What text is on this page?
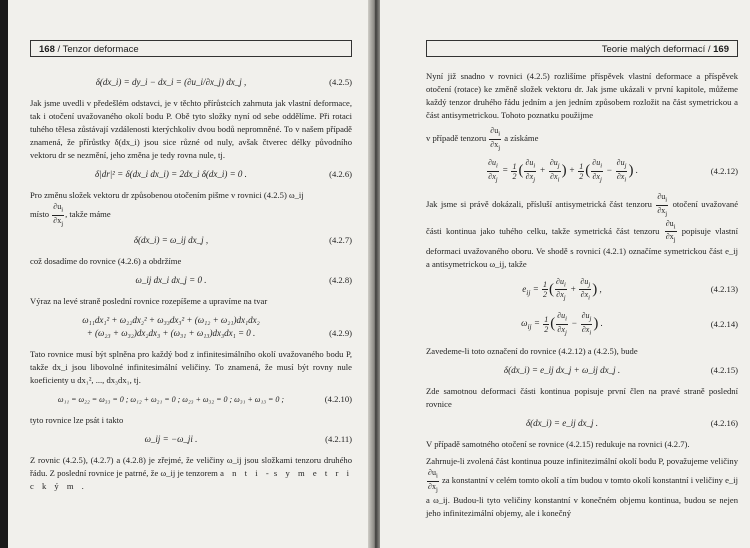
168 / Tenzor deformace
δ(dx_i) = dy_i − dx_i = (∂u_i/∂x_j) dx_j ,	(4.2.5)

Jak jsme uvedli v předešlém odstavci, je v těchto přírůstcích zahrnuta jak vlastní deformace, tak i otočení uvažovaného okolí bodu P. Obě tyto složky nyní od sebe oddělíme. Při rotaci tuhého tělesa zůstávají vzdálenosti kterýchkoliv dvou bodů nepromněné. To v našem případě znamená, že přírůstky δ(dx_i) jsou sice různé od nuly, avšak čtverec délky původního vektoru dr se nezmění, jeho změna je tedy rovna nule, tj.

δ|dr|² = δ(dx_i dx_i) = 2dx_i δ(dx_i) = 0 .	(4.2.6)

Pro změnu složek vektoru dr způsobenou otočením pišme v rovnici (4.2.5) ω_ij
místo $\frac{\partial u_i}{\partial x_j}$ , takže máme

δ(dx_i) = ω_ij dx_j ,	(4.2.7)

což dosadíme do rovnice (4.2.6) a obdržíme

ω_ij dx_i dx_j = 0 .	(4.2.8)

Výraz na levé straně poslední rovnice rozepíšeme a upravíme na tvar

ω₁₁dx₁² + ω₂₂dx₂² + ω₃₃dx₃² + (ω₁₂ + ω₂₁)dx₁dx₂
+ (ω₂₃ + ω₃₂)dx₂dx₃ + (ω₃₁ + ω₁₃)dx₃dx₁ = 0 .	(4.2.9)

Tato rovnice musí být splněna pro každý bod z infinitesimálního okolí uvažovaného bodu P, takže dx_i jsou libovolné infinitesimální veličiny. To znamená, že musí být rovny nule koeficienty u dx₁², ..., dx₃dx₁, tj.

ω₁₁ = ω₂₂ = ω₃₃ = 0 ; ω₁₂ + ω₂₁ = 0 ; ω₂₃ + ω₃₂ = 0 ; ω₃₁ + ω₁₃ = 0 ;	(4.2.10)

tyto rovnice lze psát i takto

ω_ij = −ω_ji .	(4.2.11)

Z rovnic (4.2.5), (4.2.7) a (4.2.8) je zřejmé, že veličiny ω_ij jsou složkami tenzoru druhého řádu. Z poslední rovnice je patrné, že ω_ij je tenzorem a n t i - s y m e t r i c k ý m .

Teorie malých deformací / 169

Nyní již snadno v rovnici (4.2.5) rozlišíme příspěvek vlastní deformace a příspěvek otočení (rotace) ke změně složek vektoru dr. Jak jsme ukázali v první kapitole, můžeme každý tenzor druhého řádu jedním a jen jedním způsobem rozložit na část symetrickou a část antisymetrickou. Tohoto poznatku použijme

v případě tenzoru $\frac{\partial u_i}{\partial x_j}$ a získáme

$\frac{\partial u_i}{\partial x_j} = \frac{1}{2}$ ( $\frac{\partial u_i}{\partial x_j} + \frac{\partial u_j}{\partial x_i}$ ) + $\frac{1}{2}$ ( $\frac{\partial u_i}{\partial x_j} - \frac{\partial u_j}{\partial x_i}$ ) .	(4.2.12)

Jak jsme si právě dokázali, přísluší antisymetrická část tenzoru $\frac{\partial u_i}{\partial x_j}$ otočení uvažované části kontinua jako tuhého celku, takže symetrická část tenzoru $\frac{\partial u_i}{\partial x_j}$ popisuje vlastní deformaci uvažovaného oboru. Ve shodě s rovnicí (4.2.1) označíme symetrickou část e_ij a antisymetrickou ω_ij, takže

$e_{ij} = \frac{1}{2}$ ( $\frac{\partial u_i}{\partial x_j} + \frac{\partial u_j}{\partial x_i}$ ) ,	(4.2.13)
$\omega_{ij} = \frac{1}{2}$ ( $\frac{\partial u_i}{\partial x_j} - \frac{\partial u_j}{\partial x_i}$ ) .	(4.2.14)

Zavedeme-li toto označení do rovnice (4.2.12) a (4.2.5), bude

δ(dx_i) = e_ij dx_j + ω_ij dx_j .	(4.2.15)

Zde samotnou deformaci části kontinua popisuje první člen na pravé straně poslední rovnice

δ(dx_i) = e_ij dx_j .	(4.2.16)

V případě samotného otočení se rovnice (4.2.15) redukuje na rovnici (4.2.7).

Zahrnuje-li zvolená část kontinua pouze infinitezimální okolí bodu P, považujeme veličiny
$\frac{\partial u_i}{\partial x_j}$ za konstantní v celém tomto okolí a tím budou v tomto okolí konstantní i veličiny e_ij a ω_ij. Budou-li tyto veličiny konstantní v konečném objemu kontinua, budou se nejen jeho infinitezimální objemy, ale i konečný
